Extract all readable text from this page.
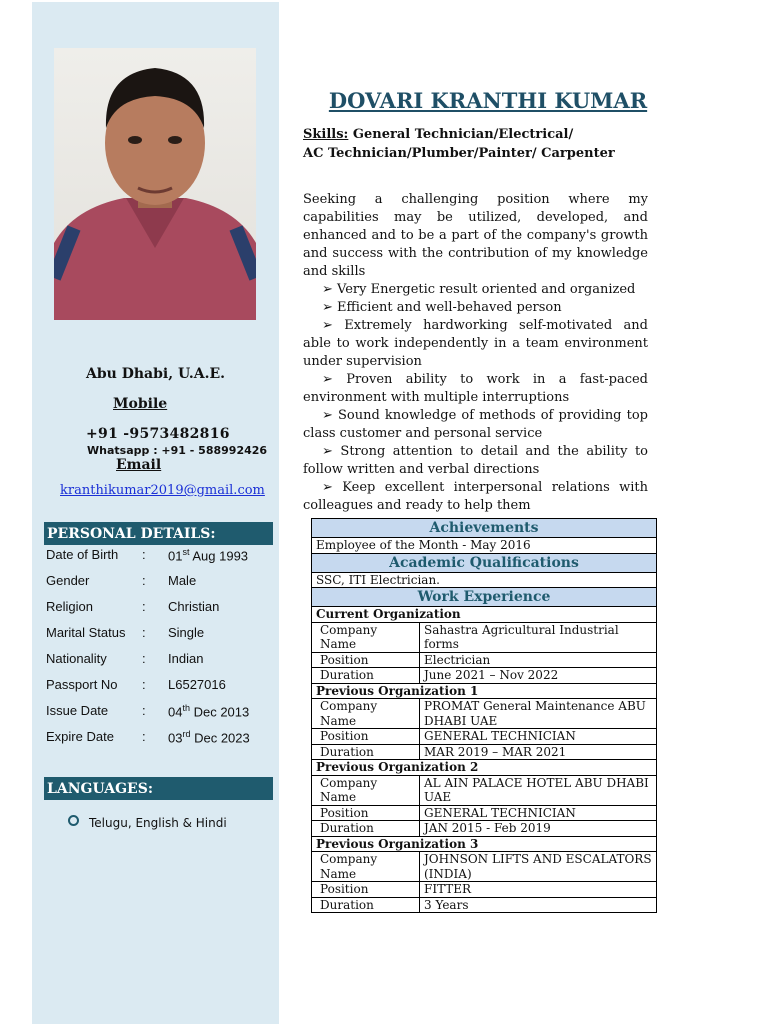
Abu Dhabi, U.A.E.
Mobile
+91 -9573482816
Whatsapp : +91 - 588992426
Email
kranthikumar2019@gmail.com
PERSONAL DETAILS:
Date of Birth : 01st Aug 1993
Gender	: Male
Religion	: Christian
Marital Status : Single
Nationality	: Indian
Passport No : L6527016
Issue Date	: 04th Dec 2013
Expire Date : 03rd Dec 2023
LANGUAGES:
Telugu, English & Hindi
DOVARI KRANTHI KUMAR
Skills: General Technician/Electrical/
AC Technician/Plumber/Painter/ Carpenter

Seeking a challenging position where my capabilities may be utilized, developed, and enhanced and to be a part of the company's growth and success with the contribution of my knowledge and skills

➢ Very Energetic result oriented and organized

➢ Efficient and well-behaved person

➢ Extremely hardworking self-motivated and able to work independently in a team environment under supervision

➢ Proven ability to work in a fast-paced environment with multiple interruptions

➢ Sound knowledge of methods of providing top class customer and personal service

➢ Strong attention to detail and the ability to follow written and verbal directions

➢ Keep excellent interpersonal relations with colleagues and ready to help them

Achievements	
Employee of the Month - May 2016	
Academic Qualifications	
SSC, ITI Electrician.	
Work Experience	
Current Organization	
Company Name	Sahastra Agricultural Industrial forms
Position	Electrician
Duration	June 2021 – Nov 2022
Previous Organization 1	
Company Name	PROMAT General Maintenance ABU DHABI UAE
Position	GENERAL TECHNICIAN
Duration	MAR 2019 – MAR 2021
Previous Organization 2	
Company Name	AL AIN PALACE HOTEL ABU DHABI UAE
Position	GENERAL TECHNICIAN
Duration	JAN 2015 - Feb 2019
Previous Organization 3	
Company Name	JOHNSON LIFTS AND ESCALATORS (INDIA)
Position	FITTER
Duration	3 Years
